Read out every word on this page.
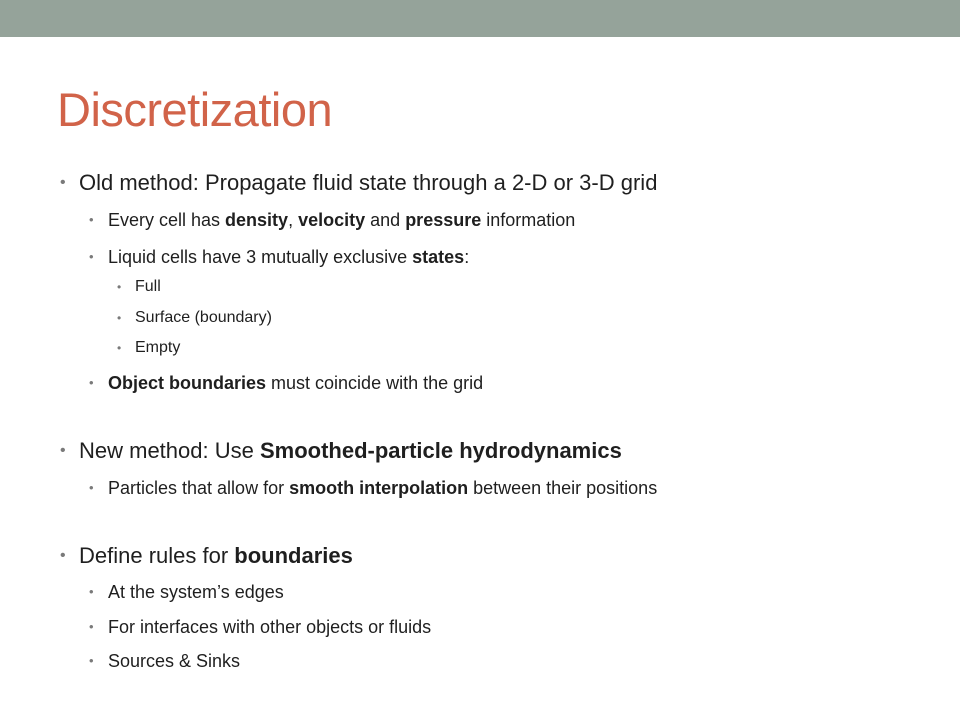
Discretization
• Old method: Propagate fluid state through a 2-D or 3-D grid
• Every cell has density, velocity and pressure information
• Liquid cells have 3 mutually exclusive states:
• Full
• Surface (boundary)
• Empty
• Object boundaries must coincide with the grid
• New method: Use Smoothed-particle hydrodynamics
• Particles that allow for smooth interpolation between their positions
• Define rules for boundaries
• At the system’s edges
• For interfaces with other objects or fluids
• Sources & Sinks
